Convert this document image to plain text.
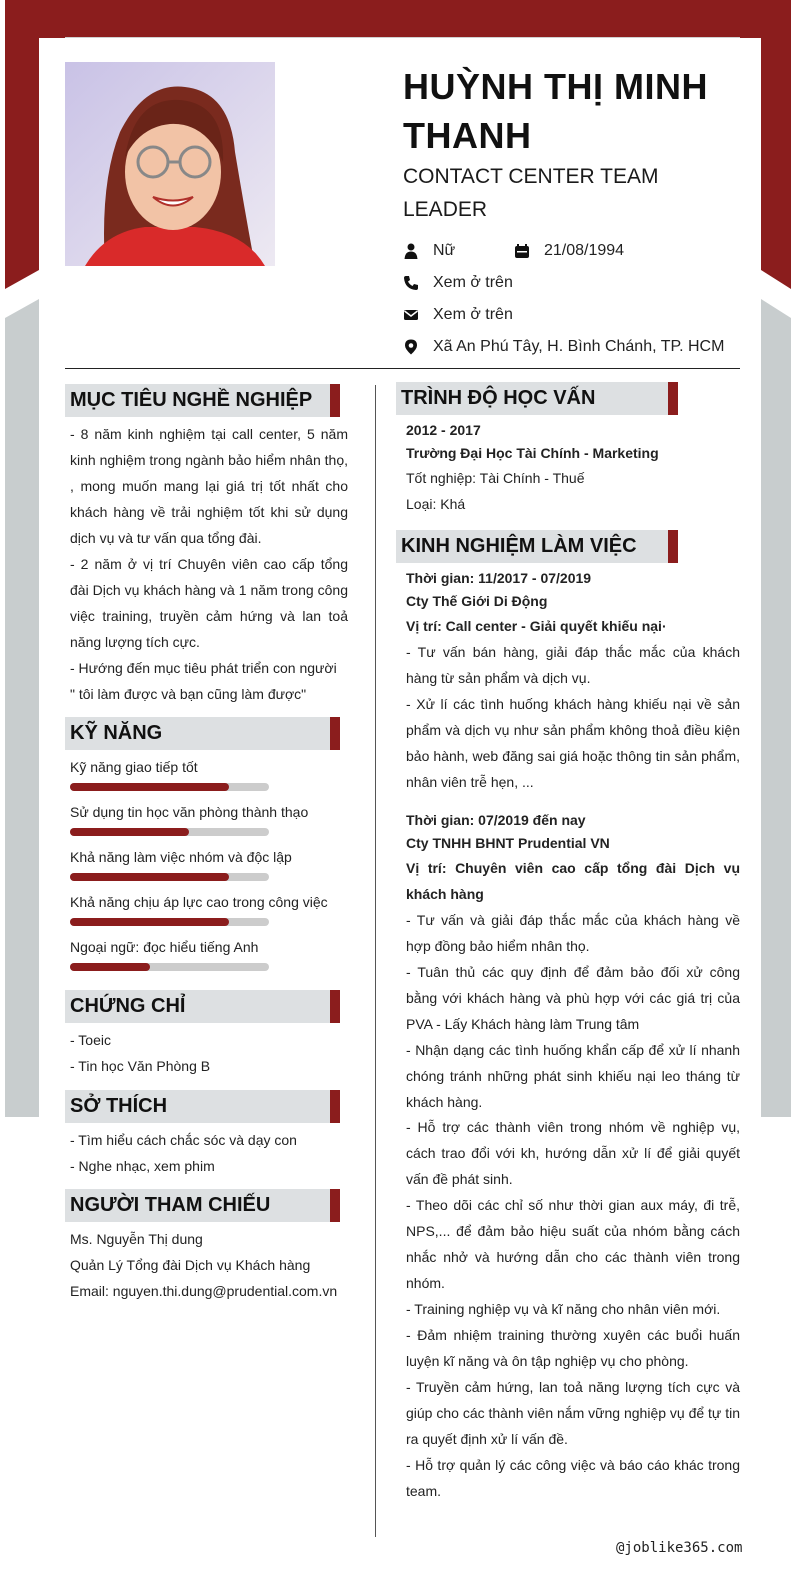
HUỲNH THỊ MINH THANH
CONTACT CENTER TEAM LEADER
Nữ	21/08/1994
Xem ở trên
Xem ở trên
Xã An Phú Tây, H. Bình Chánh, TP. HCM
MỤC TIÊU NGHỀ NGHIỆP
- 8 năm kinh nghiệm tại call center, 5 năm kinh nghiệm trong ngành bảo hiểm nhân thọ, , mong muốn mang lại giá trị tốt nhất cho khách hàng về trải nghiệm tốt khi sử dụng dịch vụ và tư vấn qua tổng đài.
- 2 năm ở vị trí Chuyên viên cao cấp tổng đài Dịch vụ khách hàng và 1 năm trong công việc training, truyền cảm hứng và lan toả năng lượng tích cực.
- Hướng đến mục tiêu phát triển con người
" tôi làm được và bạn cũng làm được"
KỸ NĂNG
Kỹ năng giao tiếp tốt
Sử dụng tin học văn phòng thành thạo
Khả năng làm việc nhóm và độc lập
Khả năng chịu áp lực cao trong công việc
Ngoại ngữ: đọc hiểu tiếng Anh
CHỨNG CHỈ
- Toeic
- Tin học Văn Phòng B
SỞ THÍCH
- Tìm hiểu cách chắc sóc và dạy con
- Nghe nhạc, xem phim
NGƯỜI THAM CHIẾU
Ms. Nguyễn Thị dung
Quản Lý Tổng đài Dịch vụ Khách hàng
Email: nguyen.thi.dung@prudential.com.vn
TRÌNH ĐỘ HỌC VẤN
2012 - 2017
Trường Đại Học Tài Chính - Marketing
Tốt nghiệp: Tài Chính - Thuế
Loại: Khá
KINH NGHIỆM LÀM VIỆC
Thời gian: 11/2017 - 07/2019
Cty Thế Giới Di Động
Vị trí: Call center - Giải quyết khiếu nại·
- Tư vấn bán hàng, giải đáp thắc mắc của khách hàng từ sản phẩm và dịch vụ.
- Xử lí các tình huống khách hàng khiếu nại về sản phẩm và dịch vụ như sản phẩm không thoả điều kiện bảo hành, web đăng sai giá hoặc thông tin sản phẩm, nhân viên trễ hẹn, ...
Thời gian: 07/2019 đến nay
Cty TNHH BHNT Prudential VN
Vị trí: Chuyên viên cao cấp tổng đài Dịch vụ khách hàng
- Tư vấn và giải đáp thắc mắc của khách hàng về hợp đồng bảo hiểm nhân thọ.
- Tuân thủ các quy định để đảm bảo đối xử công bằng với khách hàng và phù hợp với các giá trị của PVA - Lấy Khách hàng làm Trung tâm
- Nhận dạng các tình huống khẩn cấp để xử lí nhanh chóng tránh những phát sinh khiếu nại leo tháng từ khách hàng.
- Hỗ trợ các thành viên trong nhóm về nghiệp vụ, cách trao đổi với kh, hướng dẫn xử lí để giải quyết vấn đề phát sinh.
- Theo dõi các chỉ số như thời gian aux máy, đi trễ, NPS,... để đảm bảo hiệu suất của nhóm bằng cách nhắc nhở và hướng dẫn cho các thành viên trong nhóm.
- Training nghiệp vụ và kĩ năng cho nhân viên mới.
- Đảm nhiệm training thường xuyên các buổi huấn luyện kĩ năng và ôn tập nghiệp vụ cho phòng.
- Truyền cảm hứng, lan toả năng lượng tích cực và giúp cho các thành viên nắm vững nghiệp vụ để tự tin ra quyết định xử lí vấn đề.
- Hỗ trợ quản lý các công việc và báo cáo khác trong team.
@joblike365.com
